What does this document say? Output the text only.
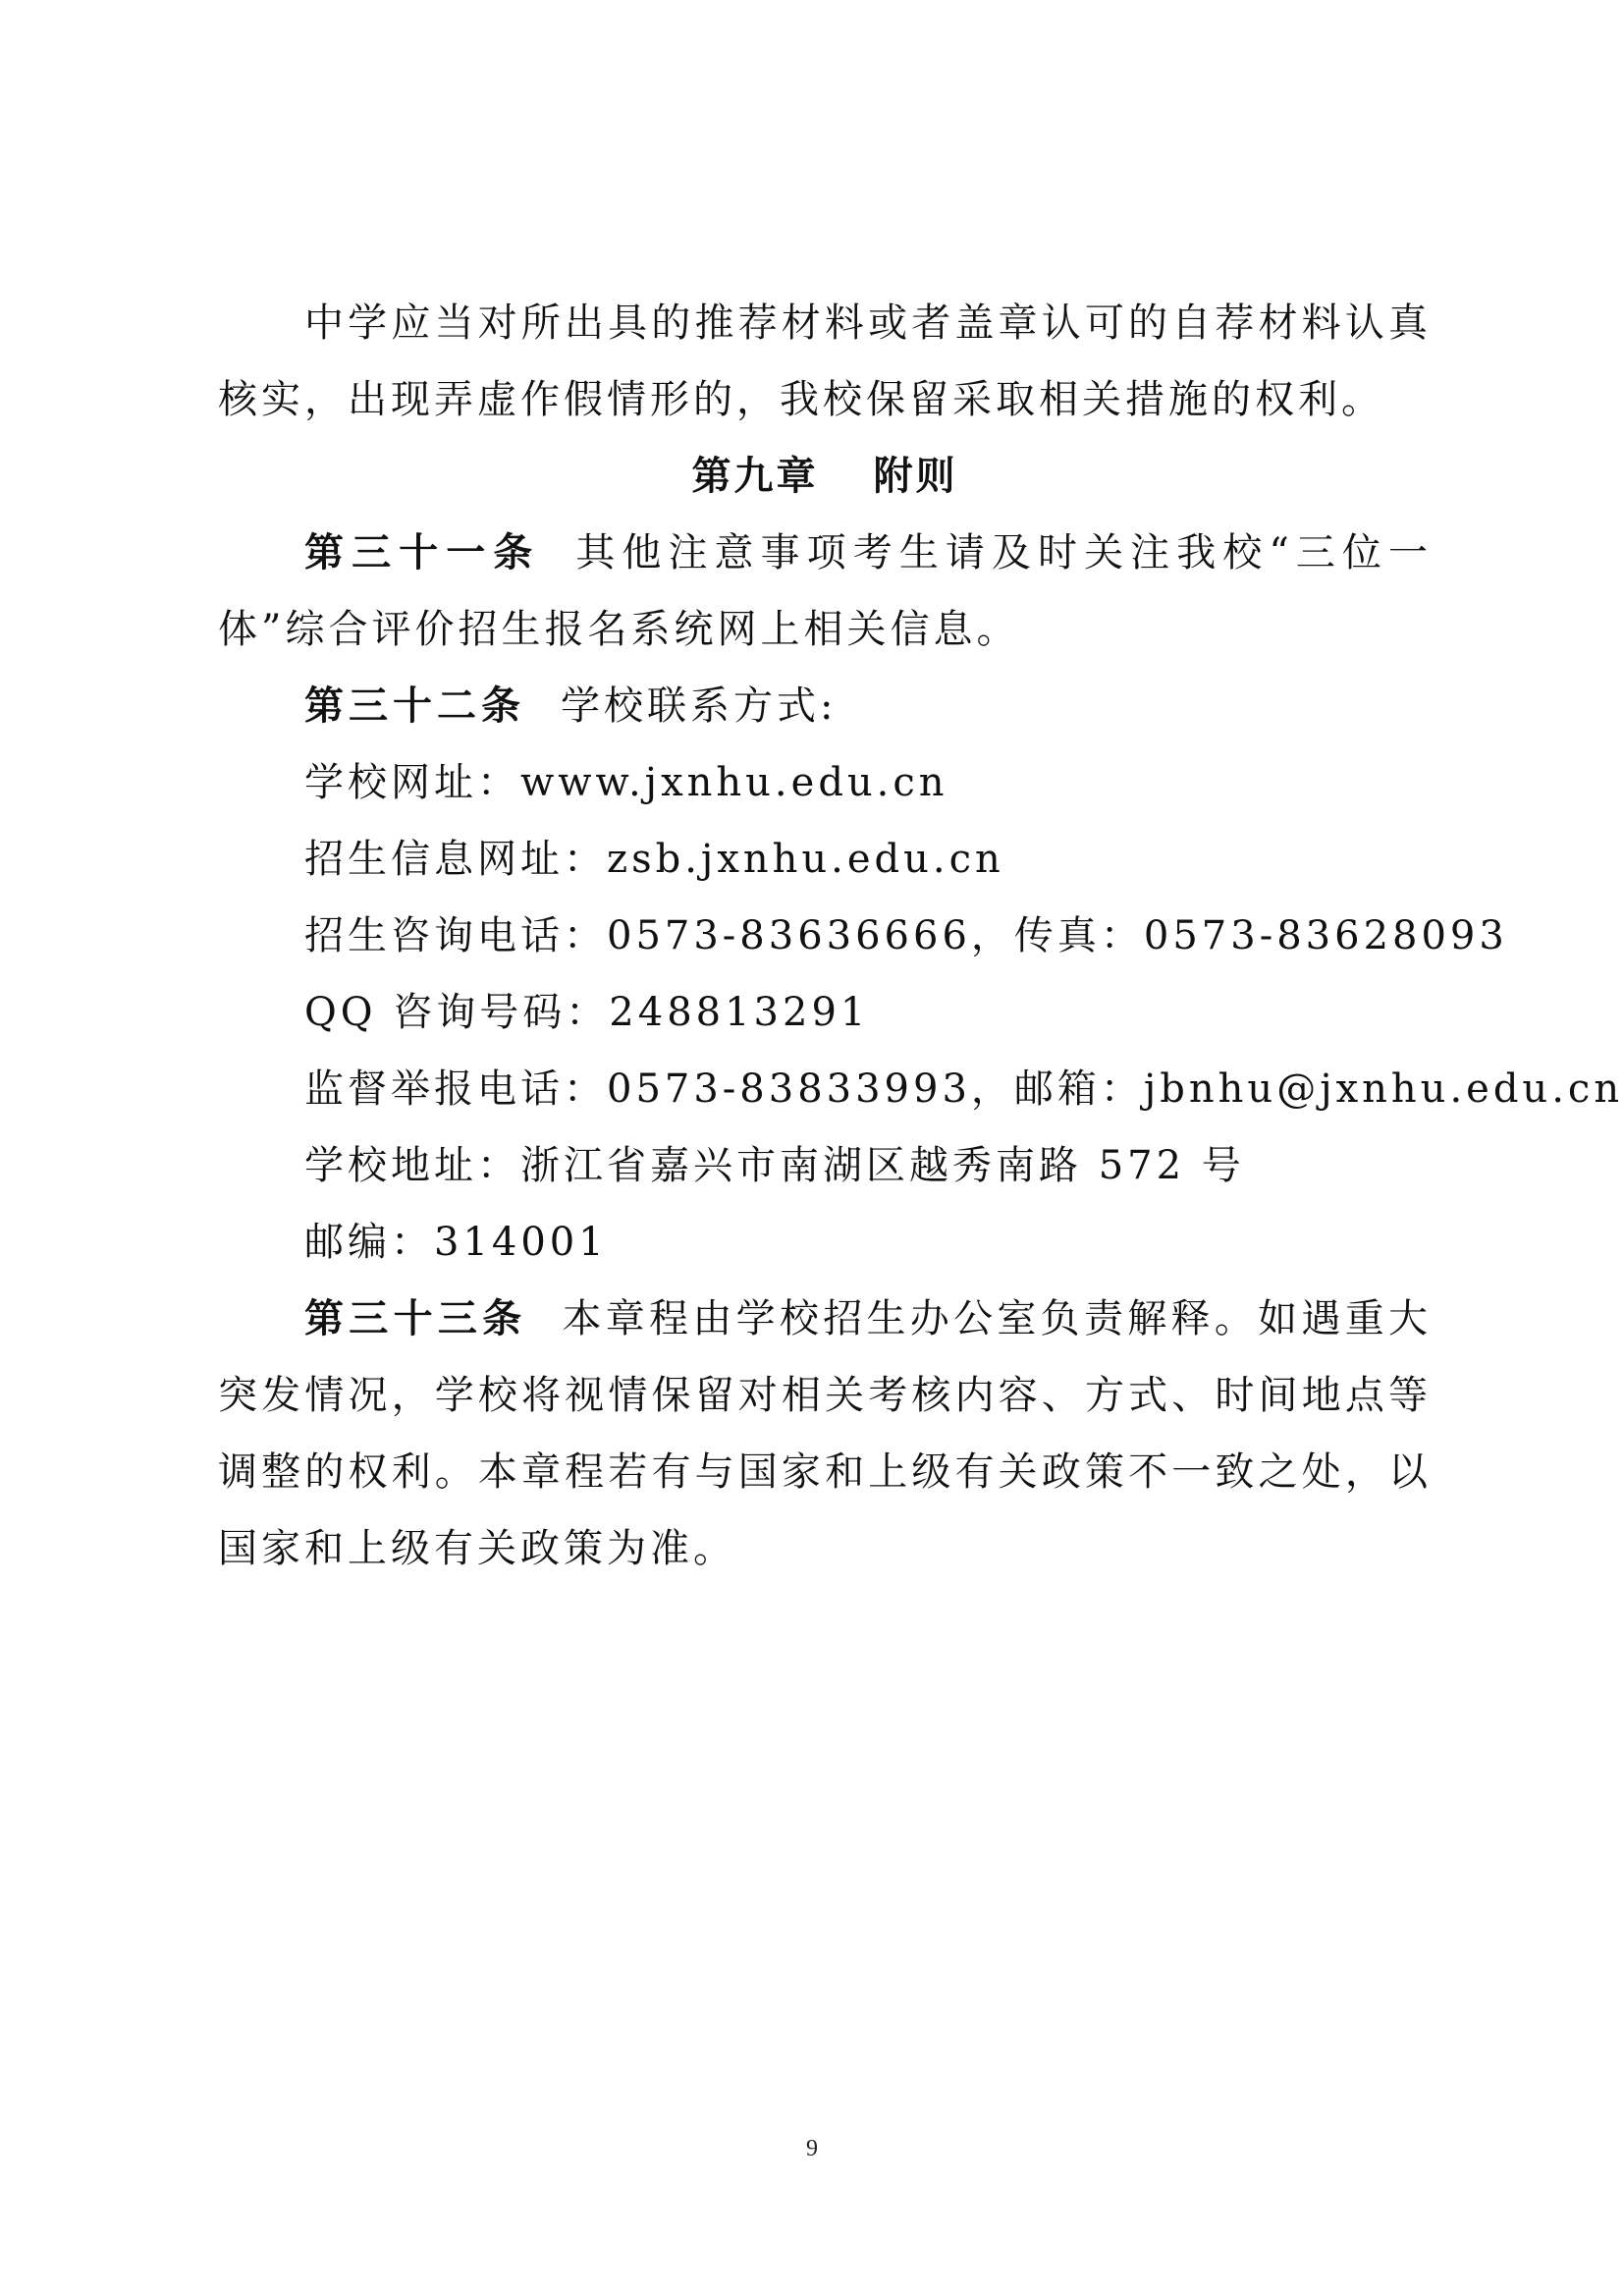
中学应当对所出具的推荐材料或者盖章认可的自荐材料认真核实，出现弄虚作假情形的，我校保留采取相关措施的权利。

第九章 附则

第三十一条 其他注意事项考生请及时关注我校“三位一体”综合评价招生报名系统网上相关信息。

第三十二条 学校联系方式:

学校网址：www.jxnhu.edu.cn

招生信息网址：zsb.jxnhu.edu.cn

招生咨询电话：0573-83636666，传真：0573-83628093

QQ 咨询号码：248813291

监督举报电话：0573-83833993，邮箱：jbnhu@jxnhu.edu.cn

学校地址：浙江省嘉兴市南湖区越秀南路 572 号

邮编：314001

第三十三条 本章程由学校招生办公室负责解释。如遇重大突发情况，学校将视情保留对相关考核内容、方式、时间地点等调整的权利。本章程若有与国家和上级有关政策不一致之处，以国家和上级有关政策为准。

9
